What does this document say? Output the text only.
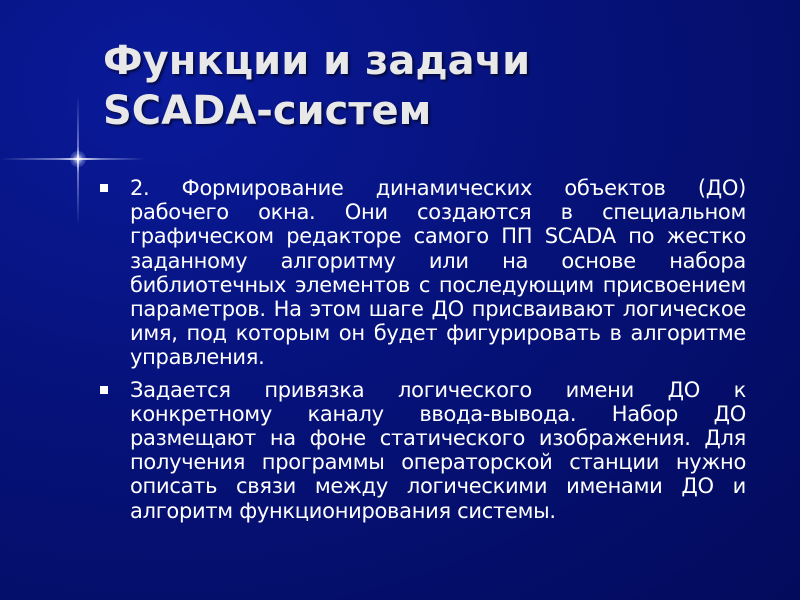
Функции и задачи
SCADA-систем
2. Формирование динамических объектов (ДО) рабочего окна. Они создаются в специальном графическом редакторе самого ПП SCADA по жестко заданному алгоритму или на основе набора библиотечных элементов с последующим присвоением параметров. На этом шаге ДО присваивают логическое имя, под которым он будет фигурировать в алгоритме управления.
Задается привязка логического имени ДО к конкретному каналу ввода-вывода. Набор ДО размещают на фоне статического изображения. Для получения программы операторской станции нужно описать связи между логическими именами ДО и алгоритм функционирования системы.
